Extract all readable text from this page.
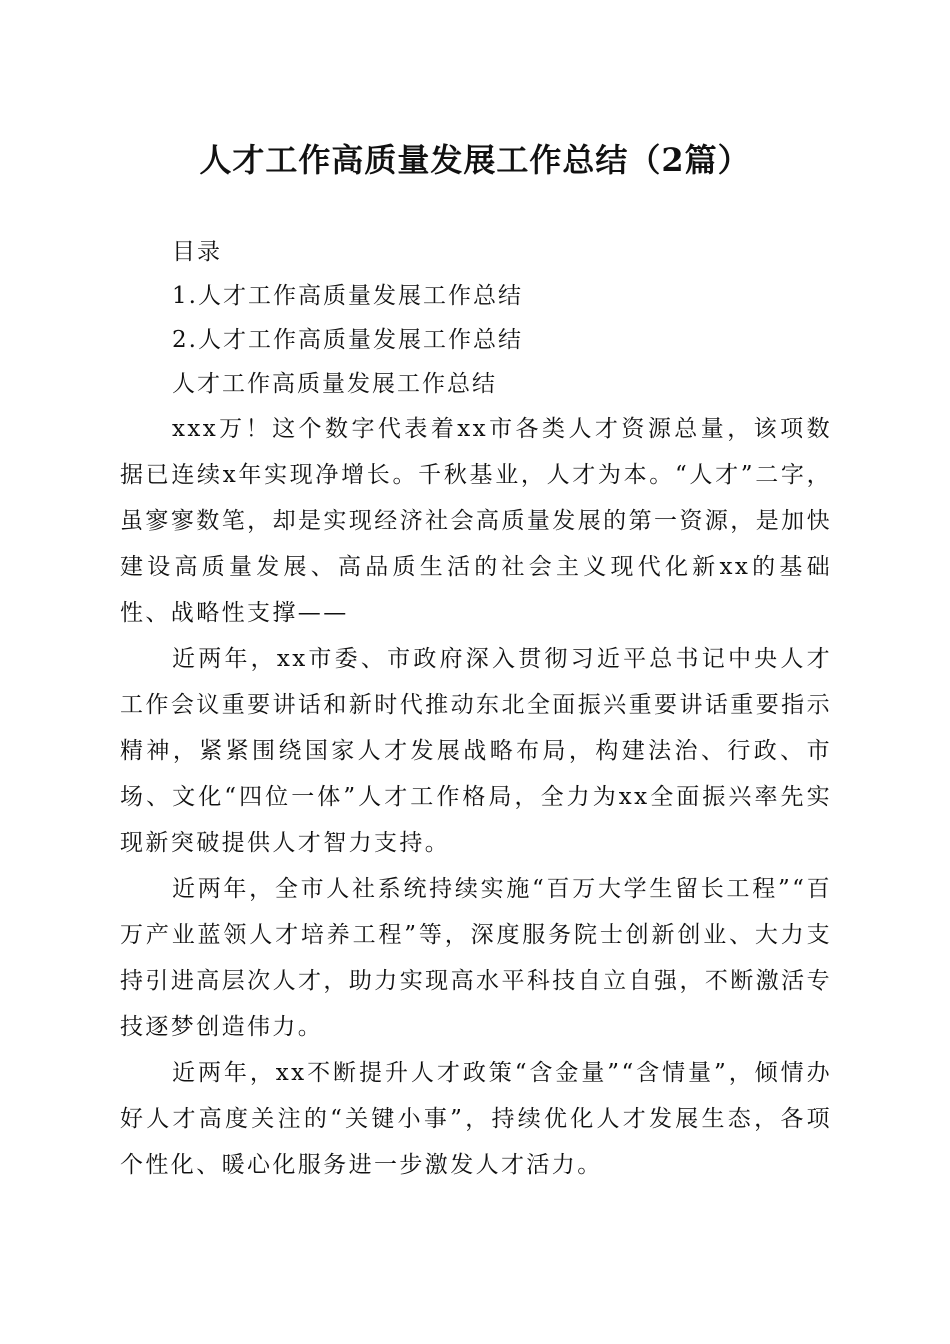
人才工作高质量发展工作总结（2篇）

目录

1.人才工作高质量发展工作总结

2.人才工作高质量发展工作总结

人才工作高质量发展工作总结

xxx万！这个数字代表着xx市各类人才资源总量，该项数据已连续x年实现净增长。千秋基业，人才为本。“人才”二字，虽寥寥数笔，却是实现经济社会高质量发展的第一资源，是加快建设高质量发展、高品质生活的社会主义现代化新xx的基础性、战略性支撑——

近两年，xx市委、市政府深入贯彻习近平总书记中央人才工作会议重要讲话和新时代推动东北全面振兴重要讲话重要指示精神，紧紧围绕国家人才发展战略布局，构建法治、行政、市场、文化“四位一体”人才工作格局，全力为xx全面振兴率先实现新突破提供人才智力支持。

近两年，全市人社系统持续实施“百万大学生留长工程”“百万产业蓝领人才培养工程”等，深度服务院士创新创业、大力支持引进高层次人才，助力实现高水平科技自立自强，不断激活专技逐梦创造伟力。

近两年，xx不断提升人才政策“含金量”“含情量”，倾情办好人才高度关注的“关键小事”，持续优化人才发展生态，各项个性化、暖心化服务进一步激发人才活力。
